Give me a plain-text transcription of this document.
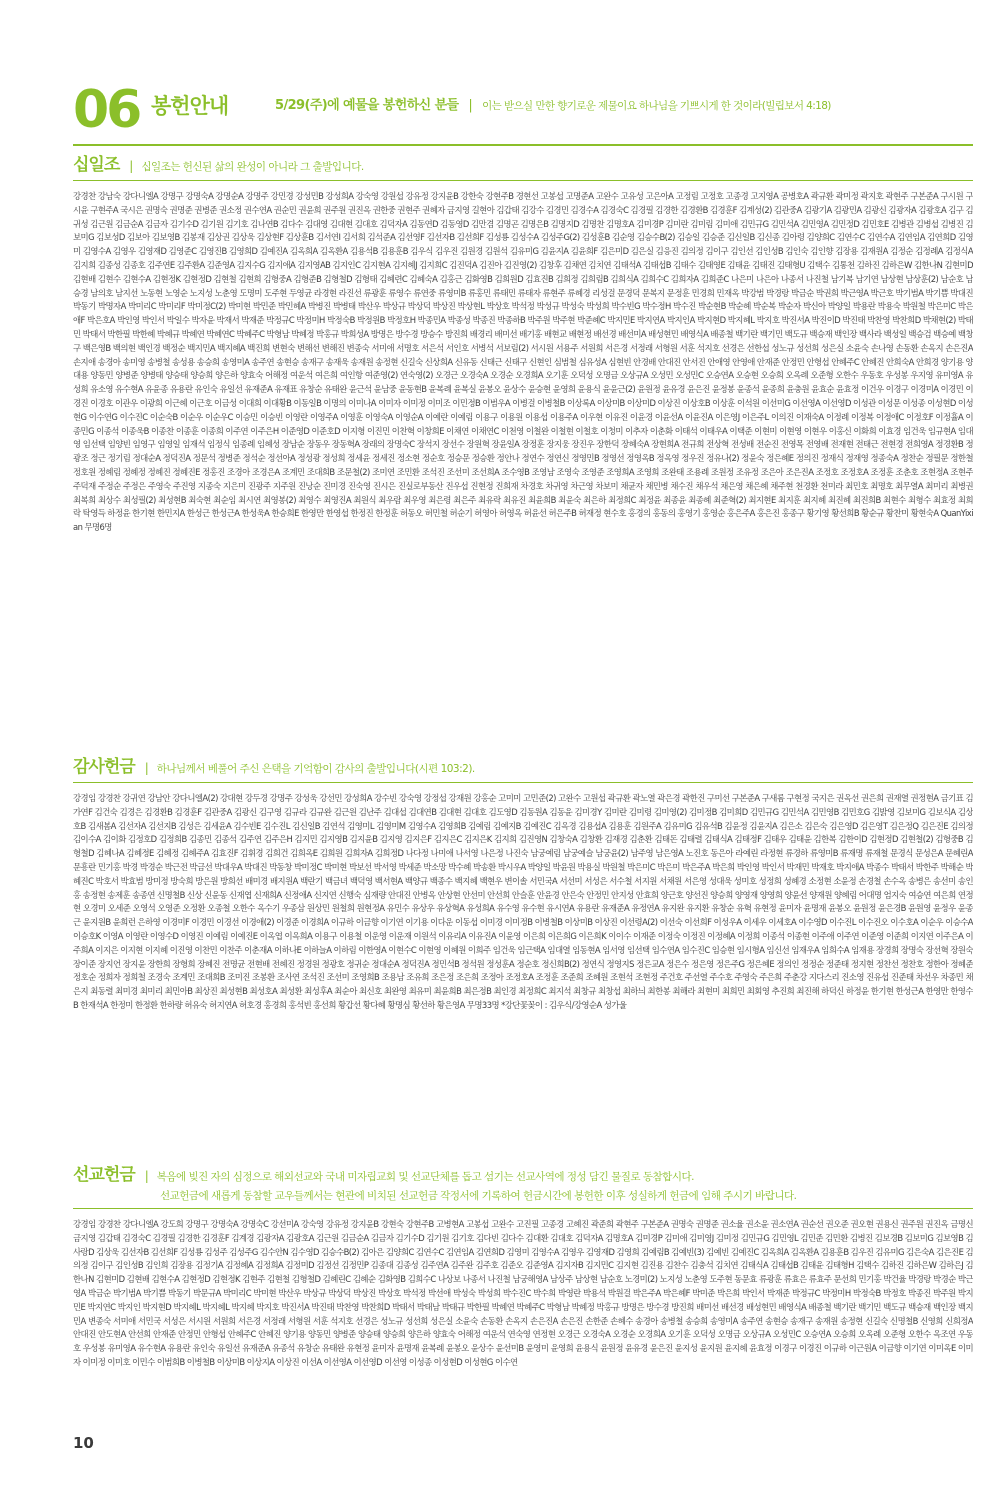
06 봉헌안내	5/29(주)에 예물을 봉헌하신 분들 | 이는 받으실 만한 향기로운 제물이요 하나님을 기쁘시게 한 것이라(빌립보서 4:18)
십일조 | 십일조는 헌신된 삶의 완성이 아니라 그 출발입니다.
강경찬 강남숙 강다니엘A 강명구 강명숙A 강명순A 강명주 강민경 강성민B 강성희A 강숙영 강원섭 강유정 강지윤B 강한숙 강현주B 경현선 고봉섭 고명준A 고완수 고유성 고은아A 고정림 고정호 고종경 고지영A 공병호A 곽규환 곽미정 곽지호 곽현주 구본준A 구시원 구시윤 구현주A 국시은 권명숙 권명준 권병준 권소정 권수연A 권순민 권윤희 권주원 권진옥 권한중 권현주 권혜자 금지영 길현아 김갑태 김강수 김경민 김경수A 김경숙C 김경필 김경한 김경환B 김경훈F 김계성(2) 김관중A 김광기A 김광민A 김광신 김광자A 김광호A 김구 김귀성 김근원 김금순A 김금자 김기수D 김기원 김기호 김나연B 김다수 김대영 김대현 김대호 김덕자A 김동연D 김동영D 김만겸 김명곤 김명은B 김명지D 김명찬 김명호A 김미경P 김미란 김미림 김미애 김민규G 김민석A 김민영A 김민정D 김민호E 김병관 김병섭 김병진 김보미G 김보성D 김보아 김보영B 김봉재 김상권 김상욱 김상현F 김상훈B 김서연I 김서희 김석준A 김선영F 김선자B 김선희F 김성룡 김성수A 김성주G(2) 김성훈B 김순영 김승수B(2) 김승일 김승준 김신일B 김신종 김아령 김양희C 김연수C 김연수A 김연임A 김연희D 김영미 김영수A 김영우 김영재D 김영준C 김영진B 김영희D 김예진A 김옥희A 김옥환A 김용석B 김용훈B 김우식 김우진 김원경 김원석 김유미G 김윤지A 김윤희F 김은미D 김은실 김응진 김의정 김이구 김인선 김인성B 김인숙 김인향 김장용 김재원A 김정순 김정례A 김정식A 김지희 김종성 김종호 김주연E 김주환A 김준영A 김지수G 김지애A 김지영AB 김지인C 김지현A 김지혜J 김지희C 김진덕A 김진아 김진영(2) 김창후 김채연 김치연 김태석A 김태섭B 김태수 김태영E 김태윤 김태진 김태형U 김택수 김통천 김하진 김하은W 김한나N 김현미D 김현배 김현수 김현수A 김현정K 김현정D 김현철 김현희 김형중A 김형준B 김형철D 김형태 김혜련C 김혜숙A 김홍근 김화영B 김희원D 김효진B 김희정 김희림B 김희식A 김희수C 김희자A 김희준C 나은미 나은아 나종서 나진철 남기복 남기연 남상현 남상훈(2) 남순호 남승경 남의호 남지선 노동현 노영순 노지성 노춘영 도명미 도주현 두영균 라경현 라진선 류광훈 류영수 류연중 류영미B 류홍민 류태민 류태자 류현주 류혜경 리성걸 문경덕 문복지 문정훈 민경희 민재옥 박강범 박경랑 박금순 박권희 박근영A 박근호 박기범A 박기쁨 박대진 박동기 박명자A 박미리C 박미리F 박미정C(2) 박미현 박민준 박민혜A 박병진 박병태 박산우 박상규 박상덕 박상진 박상현L 박상호 박석정 박성규 박성숙 박성희 박수빈G 박수정H 박수진 박순현B 박순혜 박순복 박순자 박신아 박양일 박용란 박용숙 박원철 박은미C 박은애F 박은호A 박인영 박인서 박일수 박자윤 박재서 박재준 박정규C 박정미H 박정숙B 박정원B 박정호H 박종민A 박종성 박종진 박종하B 박주원 박주현 박준혜C 박지민E 박지연A 박지인A 박지현D 박지혜L 박지호 박진서A 박진이D 박진태 박찬영 박찬희D 박채현(2) 박태민 박태서 박한필 박한혜 박혜규 박혜연 박혜연C 박혜주C 박형남 박혜정 박홍규 박희성A 방명은 방수경 방승수 방진희 배경리 배미선 배기홍 배현교 배현정 배선경 배선미A 배성현민 배영식A 배종철 백기란 백기민 백도규 백승재 백인장 백사라 백성일 백승검 백승예 백창구 백은영B 백의현 백인경 백정순 백지민A 백지혜A 백진희 변현숙 변해선 변해진 변종숙 서미애 서명호 서은석 서인호 서병석 서보림(2) 서시원 서용주 서원희 서은경 서정래 서형원 서훈 석지호 선경은 선한섭 성노규 성선희 성은실 소윤숙 손나영 손동환 손옥지 손은진A 손지애 송경아 송미영 송병철 송성용 송승희 송영미A 송주연 송현승 송재구 송재욱 송재원 송정현 신길숙 신상희A 신유동 신태근 신태구 신현인 심범철 심유성A 심현빈 안경배 안대진 안서진 안애영 안영애 안재준 안정민 안형섭 안혜주C 안혜진 안희숙A 안희경 양기용 양대용 양동민 양병준 양병태 양승태 양승희 양은하 양효숙 어해정 여운석 여은희 여인항 여준영(2) 연숙영(2) 오경근 오경숙A 오경순 오경희A 오기훈 오덕성 오명금 오상규A 오성민 오성민C 오승연A 오승현 오승희 오옥례 오준형 오한수 우동호 우성봉 우지영 유미영A 유성희 유소영 유수현A 유윤종 유용란 유인숙 유일선 유재준A 유재표 유창순 유태완 윤근석 윤남중 윤동현B 윤복례 윤복실 윤봉오 윤상수 윤승현 윤영희 윤용식 윤윤근(2) 윤원정 윤유경 윤은진 윤정봉 윤종석 윤종희 윤충원 윤효순 윤효정 이건우 이경구 이경미A 이경민 이경진 이경호 이관우 이광희 이근혜 이근호 이금성 이대희 이대황B 이동일B 이명의 이미나A 이미자 이미정 이미조 이민정B 이범우A 이병걸 이병철B 이상록A 이상미B 이상미D 이상진 이상호B 이상훈 이석원 이선미G 이선영A 이선영D 이성관 이성문 이성종 이성현D 이성현G 이수연G 이수진C 이순숙B 이순우 이순우C 이승민 이승빈 이영란 이영주A 이영훈 이영숙A 이영순A 이예란 이예림 이용구 이용원 이용섭 이용주A 이우현 이유진 이윤경 이윤선A 이윤진A 이은영J 이은주L 이의진 이재숙A 이정례 이정복 이정애C 이정호F 이정휼A 이종민G 이종석 이종욱B 이종찬 이종훈 이종희 이주연 이주은H 이준영D 이준호D 이지형 이진민 이찬혁 이창희E 이채연 이채연C 이천영 이철완 이철현 이철호 이청미 이추자 이춘화 이태석 이태우A 이택준 이현미 이현영 이현우 이홍신 이화희 이효경 임건욱 임규현A 임대영 임선택 임양빈 임영구 임영일 임재석 임정식 임종례 임혜성 장남순 장동우 장동혁A 장래의 장명숙C 장석지 장선수 장원혁 장윤일A 장정훈 장지웅 장진우 장한덕 장혜숙A 장현희A 전규희 전상혁 전성배 전순진 전영목 전영배 전재현 전태근 전현경 전희영A 정경환B 정광조 정근 정기림 정대순A 정덕진A 정문석 정병준 정석순 정선아A 정성광 정성희 정세윤 정세진 정소현 정순호 정승문 정승환 정안나 정연수 정연신 정영민B 정영선 정영옥B 정옥영 정우진 정유나(2) 정윤숙 정은혜E 정의진 정재식 정재영 정종숙A 정찬순 정필문 정한철 정호원 정혜림 정혜정 정혜진 정혜진E 정홍진 조경아 조경은A 조계민 조대희B 조문철(2) 조미연 조민환 조석진 조선미 조선희A 조수영B 조영남 조영숙 조영준 조영희A 조영희 조완태 조용례 조원정 조유정 조은아 조은진A 조정호 조정호A 조정훈 조춘호 조현정A 조현주 주덕재 주정순 주정은 주영숙 주진영 지종숙 지은미 진광주 지주원 진낭순 진미경 진숙영 진시은 진실로부동산 진우섭 진현정 진희재 차경호 차귀영 차근영 차보미 채균자 채민병 채수진 채우석 채은영 채은혜 채주현 천경환 천미라 최민호 최명호 최무열A 최미리 최병권 최복희 최상수 최성필(2) 최성현B 최숙현 최순임 최시연 최영봉(2) 최영수 최영진A 최원식 최우람 최우영 최은령 최은주 최유락 최유진 최윤희B 최윤숙 최은하 최정희C 최정윤 최종윤 최종혜 최준혁(2) 최지현E 최지훈 최지혜 최진혜 최진희B 최현수 최형수 최효정 최희락 탁영득 하정윤 한기현 한민지A 한성근 한성근A 한성욱A 한승희E 한영만 한영섭 한정진 한정훈 허동오 허민철 허순기 허영아 허영옥 허윤선 허은주B 허재정 현수호 홍경의 홍동의 홍영기 홍영순 홍은주A 홍은진 홍종구 황기영 황선희B 황순규 황찬미 황현숙A QuanYixian 무명6명
감사헌금 | 하나님께서 베풀어 주신 은택을 기억함이 감사의 출발입니다(시편 103:2).
강경임 강경찬 강귀연 강남안 강다니엘A(2) 강대현 강두경 강명주 강성욱 강선민 강성희A 강수빈 강숙영 강정섭 강재원 강홍순 고미미 고민준(2) 고완수 고원섭 곽규환 곽노열 곽은경 곽한진 구미선 구본준A 구새롬 구현정 국지은 권옥선 권은희 권재열 권정현A 금기표 김가연F 김건숙 김경은 김경환B 김경훈F 김관중A 김광신 김구영 김규라 김규완 김근원 김난주 김대섭 김대연B 김대현 김대호 김도영D 김동원A 김동윤 김미경Y 김미란 김미령 김미영(2) 김미정B 김미희D 김민규G 김민석A 김민영B 김민호G 김밝영 김보미G 김보식A 김상호B 김새봄A 김선자A 김선지B 김성은 김세윤A 김수빈E 김수진L 김신일B 김연석 김영미L 김영미M 김영수A 김영희B 김예림 김예지B 김예진C 김옥경 김용섭A 김용훈 김원주A 김유미G 김유석B 김윤정 김윤지A 김은소 김은숙 김은영D 김은영T 김은정Q 김은진E 김의정 김이수A 김이화 김정호D 김정희B 김종민 김종석 김주연 김주은H 김지민 김지영B 김지윤B 김지영 김지은F 김지은C 김지은K 김지희 김진영N 김창숙A 김창환 김재경 김춘환 김태돈 김태렬 김태식A 김태정F 김태우 김태윤 김한복 김한이D 김현정D 김현철(2) 김형중B 김형철D 김혜나A 김혜정E 김혜정 김혜주A 김효진F 김휘경 김희건 김희옥E 김희원 김희자A 김희정D 나다정 나미애 나서영 나은정 나진숙 남궁예림 남궁예슬 남궁윤(2) 남주영 남은영A 노진호 동은아 라예린 라정현 류경하 류영미B 류재명 류재철 문경식 문성은A 문혜린A 문흥란 민기홍 박경 박경순 박근전 박금선 박대우A 박대진 박동창 박미정C 박미현 박보선 박서영 박세준 박소망 박수혜 박송환 박시우A 박양일 박윤원 박용실 박원철 박은미C 박은미 박은주A 박은희 박인영 박인서 박재민 박재호 박지애A 박종수 박태서 박한주 박해순 박혜진C 박호서 박효범 방미정 방숙희 방은원 방희선 배미경 배지원A 백란기 백금녀 백덕영 백서현A 백양규 백종수 백지혜 백현우 변이솔 서민국A 서선미 서성은 서수철 서지원 서채원 서은영 성대욱 성미호 성정희 성혜경 소정현 소윤정 손경철 손수옥 송병은 송선미 송인홍 송정현 송제훈 송종연 신명철B 신상 신윤동 신재엽 신재희A 신정애A 신지연 신행숙 심재량 안대진 안병옥 안상현 안선미 안선희 안슬훈 안윤경 안은숙 안정민 안지성 안효희 양근호 양선진 양승희 양영재 양영희 양윤선 양재원 양혜림 어대명 엄지숙 여승연 여은희 연정현 오경미 오세준 오영석 오영준 오정환 오종철 오한수 옥수기 우종삼 원상민 원철희 원현정A 유민수 유상우 유상혁A 유성희A 유수영 유수현 유시연A 유용란 유재준A 유정연A 유지완 유지환 유창순 유혁 유현정 윤미자 윤명재 윤봉오 윤원정 윤은경B 윤원영 윤정우 윤종근 윤지원B 윤희런 은하영 이경미F 이경민 이경선 이경애(2) 이경준 이경희A 이규하 이금향 이기연 이기용 이다운 이동섭 이미경 이미정B 이병철B 이상미B 이상진 이선령A(2) 이선숙 이선희F 이성우A 이세우 이세호A 이수영D 이수진L 이수진오 이수호A 이순우 이승수A 이승호K 이영A 이영란 이영수D 이영진 이예림 이예진E 이옥엽 이옥희A 이용구 이용철 이운영 이운재 이원석 이유리A 이유진A 이윤영 이은희 이은희G 이은희K 이이수 이재준 이정숙 이정진 이정혜A 이정희 이종석 이종현 이주애 이주연 이준영 이준희 이지연 이주은A 이주희A 이지은 이지현 이지혜 이진영 이찬민 이찬주 이춘재A 이하나E 이하늘A 이하림 이한영A 이현수C 이현영 이혜원 이희주 임건욱 임근택A 임대열 임동현A 임서영 임선택 임수연A 임수진C 임승현 임시형A 임신선 임재우A 임희수A 임재용 장경희 장명숙 장선혁 장원숙 장이준 장지언 장지윤 장한희 장형희 장혜진 전명균 전현배 전혜진 정경원 정광호 정귀순 정대순A 정덕진A 정민석B 정석원 정성훈A 정순호 정신희B(2) 정연식 정영지S 정은교A 정은수 정은영 정은주G 정은혜E 정의인 정정순 정준태 정지현 정찬선 정찬호 정한아 정혜준 정호순 정희자 정희철 조경숙 조계민 조대희B 조미진 조봉환 조사연 조석진 조선미 조영희B 조용남 조유희 조은정 조은희 조정아 조정호A 조정훈 조준희 조혜원 조현석 조현정 주건호 주선열 주수호 주영숙 주은희 주춘강 지다스리 진소영 진유섭 진준태 차선우 차종민 채은지 최동렬 최미경 최미리 최민아B 최상진 최성현B 최성호A 최성환 최성후A 최순아 최신호 최완영 최유미 최윤희B 최은정B 최인경 최정희C 최지석 최창규 최창섭 최하늬 최한봉 최해라 최현미 최희민 최회영 추진희 최진해 하덕신 하정윤 한기현 한성근A 한영만 한영수B 한재석A 한정미 한정환 한하량 허유숙 허지연A 허호경 홍경희 홍석빈 홍선희 황갑선 황다혜 황명심 황선하 황은영A 무명33명 *강단꽃꽂이 : 김우식/강영순A 성가울
선교헌금 | 복음에 빚진 자의 심정으로 해외선교와 국내 미자립교회 및 선교단체를 돕고 섬기는 선교사역에 정성 담긴 물질로 동참합시다.
선교헌금에 새롭게 동참할 교우들께서는 현관에 비치된 선교헌금 작정서에 기록하여 헌금시간에 봉헌한 이후 성실하게 헌금에 임해 주시기 바랍니다.
강경임 강경찬 강다니엘A 강도희 강명구 강명숙A 강명숙C 강선미A 강숙영 강유정 강지윤B 강현숙 강현주B 고병현A 고봉섭 고완수 고진필 고종경 고혜진 곽준희 곽현주 구본준A 권명숙 권명준 권소율 권소윤 권소연A 권순선 권오준 권오현 권용신 권주원 권진옥 금명신 금지영 김갑태 김경숙C 김경필 김경한 김경훈F 김계경 김광자A 김광호A 김근원 김금순A 김금자 김기수D 김기원 김기호 김다빈 김다수 김대환 김대호 김덕자A 김명호A 김미경P 김미애 김미영J 김미정 김민규G 김민영L 김민준 김민환 김병진 김보경B 김보미G 김보영B 김사랑D 김상욱 김선자B 김선희F 김성룡 김성주 김성주G 김수안N 김수영D 김승수B(2) 김아은 김양희C 김연수C 김연임A 김연희D 김영미 김영수A 김영우 김영재D 김영희 김예림B 김예빈(3) 김예빈 김예진C 김옥희A 김옥환A 김용훈B 김우진 김유미G 김은숙A 김은진E 김의정 김이구 김인성B 김인희 김장용 김정기A 김정혜A 김정희A 김정미D 김정선 김정민P 김종대 김종성 김주연A 김주완 김주호 김준오 김준영A 김지자B 김지민C 김지현 김진용 김찬수 김충석 김치연 김태식A 김태섭B 김태윤 김태형H 김택수 김하진 김하은W 김하은J 김한나N 김현미D 김현배 김현수A 김현정D 김현정K 김현주 김현철 김형철D 김혜린C 김혜순 김화영B 김희수C 나상보 나종서 나진철 남궁해영A 남상주 남상현 남순호 노경미(2) 노지성 노춘영 도주현 동문효 류광훈 류효은 류효주 문선희 민기홍 박건율 박경랑 박경순 박근영A 박금순 박기범A 박기쁨 박동기 박문규A 박미리C 박미현 박산우 박상규 박상덕 박상진 박상호 박석정 박선애 박성숙 박성희 박수진C 박수희 박영란 박용석 박원걸 박은주A 박은혜F 박미준 박은희 박인서 박재준 박정규C 박정미H 박정숙B 박정호 박종진 박주원 박지민E 박지연C 박지인 박지현D 박지혜L 박지혜L 박지혜 박지호 박진서A 박진태 박찬영 박찬희D 박태서 박태남 박태규 박한필 박혜연 박혜주C 박형남 박혜정 박홍규 방명은 방수경 방진희 배미선 배선경 배성현민 배영식A 배종철 백기란 백기민 백도규 백승재 백인장 백지민A 변종숙 서미애 서민국 서성은 서시원 서원희 서은경 서정래 서형원 서훈 석지호 선경은 성노규 성선희 성은실 소윤숙 손동환 손옥지 손은진A 손은진 손한준 손혜수 송경아 송병철 송승희 송영미A 송주연 송현승 송재구 송재원 송정현 신길숙 신명철B 신영희 신희정A 안대진 안도현A 안선희 안재준 안정민 안형섭 안혜주C 안혜진 양기용 양동민 양병준 양승태 양승희 양은하 양효숙 어해정 여운석 연숙영 연정현 오경근 오경숙A 오경순 오경희A 오기훈 오덕성 오명금 오상규A 오성민C 오승연A 오승희 오옥례 오준형 오한수 옥조연 우동호 우성봉 유미영A 유수현A 유용란 유인숙 유일선 유재준A 유종석 유창순 유태완 유현정 윤미자 윤명재 윤복례 윤봉오 윤상수 윤선미B 윤영미 윤영희 윤용식 윤원정 윤유경 윤은진 윤지성 윤지원 윤지혜 윤효정 이경구 이경진 이규하 이근원A 이금향 이기연 이미옥E 이미자 이미정 이미호 이민수 이범희B 이병철B 이상미B 이상지A 이상진 이선A 이선영A 이선영D 이선영 이성종 이성현D 이성현G 이수연
10
